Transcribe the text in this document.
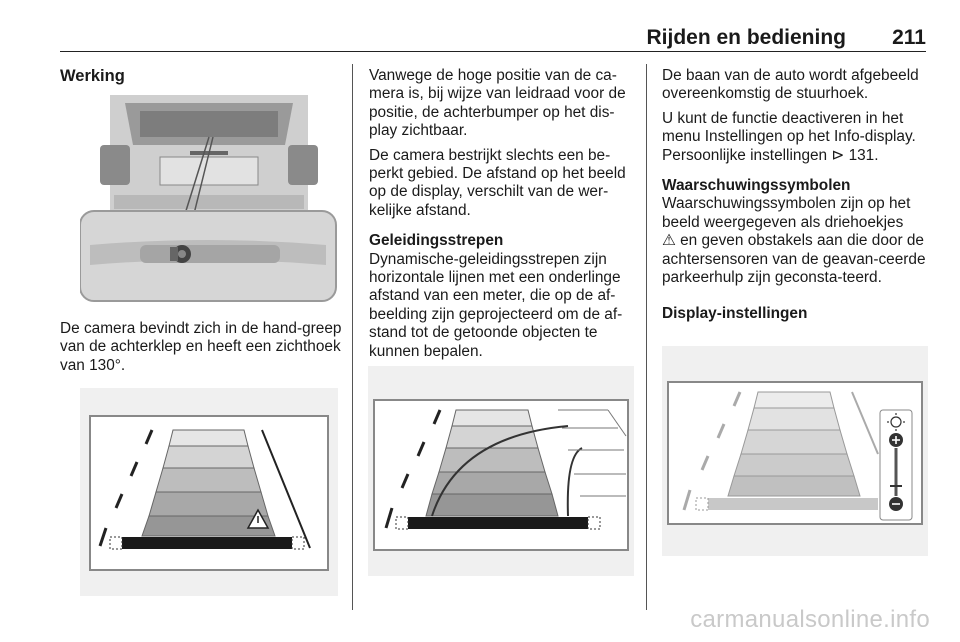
Rijden en bediening 211
Werking

De camera bevindt zich in de hand-greep van de achterklep en heeft een zichthoek van 130°.

Vanwege de hoge positie van de ca-mera is, bij wijze van leidraad voor de positie, de achterbumper op het dis-play zichtbaar.

De camera bestrijkt slechts een be-perkt gebied. De afstand op het beeld op de display, verschilt van de wer-kelijke afstand.

Geleidingsstrepen

Dynamische-geleidingsstrepen zijn horizontale lijnen met een onderlinge afstand van een meter, die op de af-beelding zijn geprojecteerd om de af-stand tot de getoonde objecten te kunnen bepalen.

De baan van de auto wordt afgebeeld overeenkomstig de stuurhoek.

U kunt de functie deactiveren in het menu Instellingen op het Info-display. Persoonlijke instellingen ⊳ 131.

Waarschuwingssymbolen

Waarschuwingssymbolen zijn op het beeld weergegeven als driehoekjes

⚠ en geven obstakels aan die door de achtersensoren van de geavan-ceerde parkeerhulp zijn geconsta-teerd.

Display-instellingen
carmanualsonline.info
